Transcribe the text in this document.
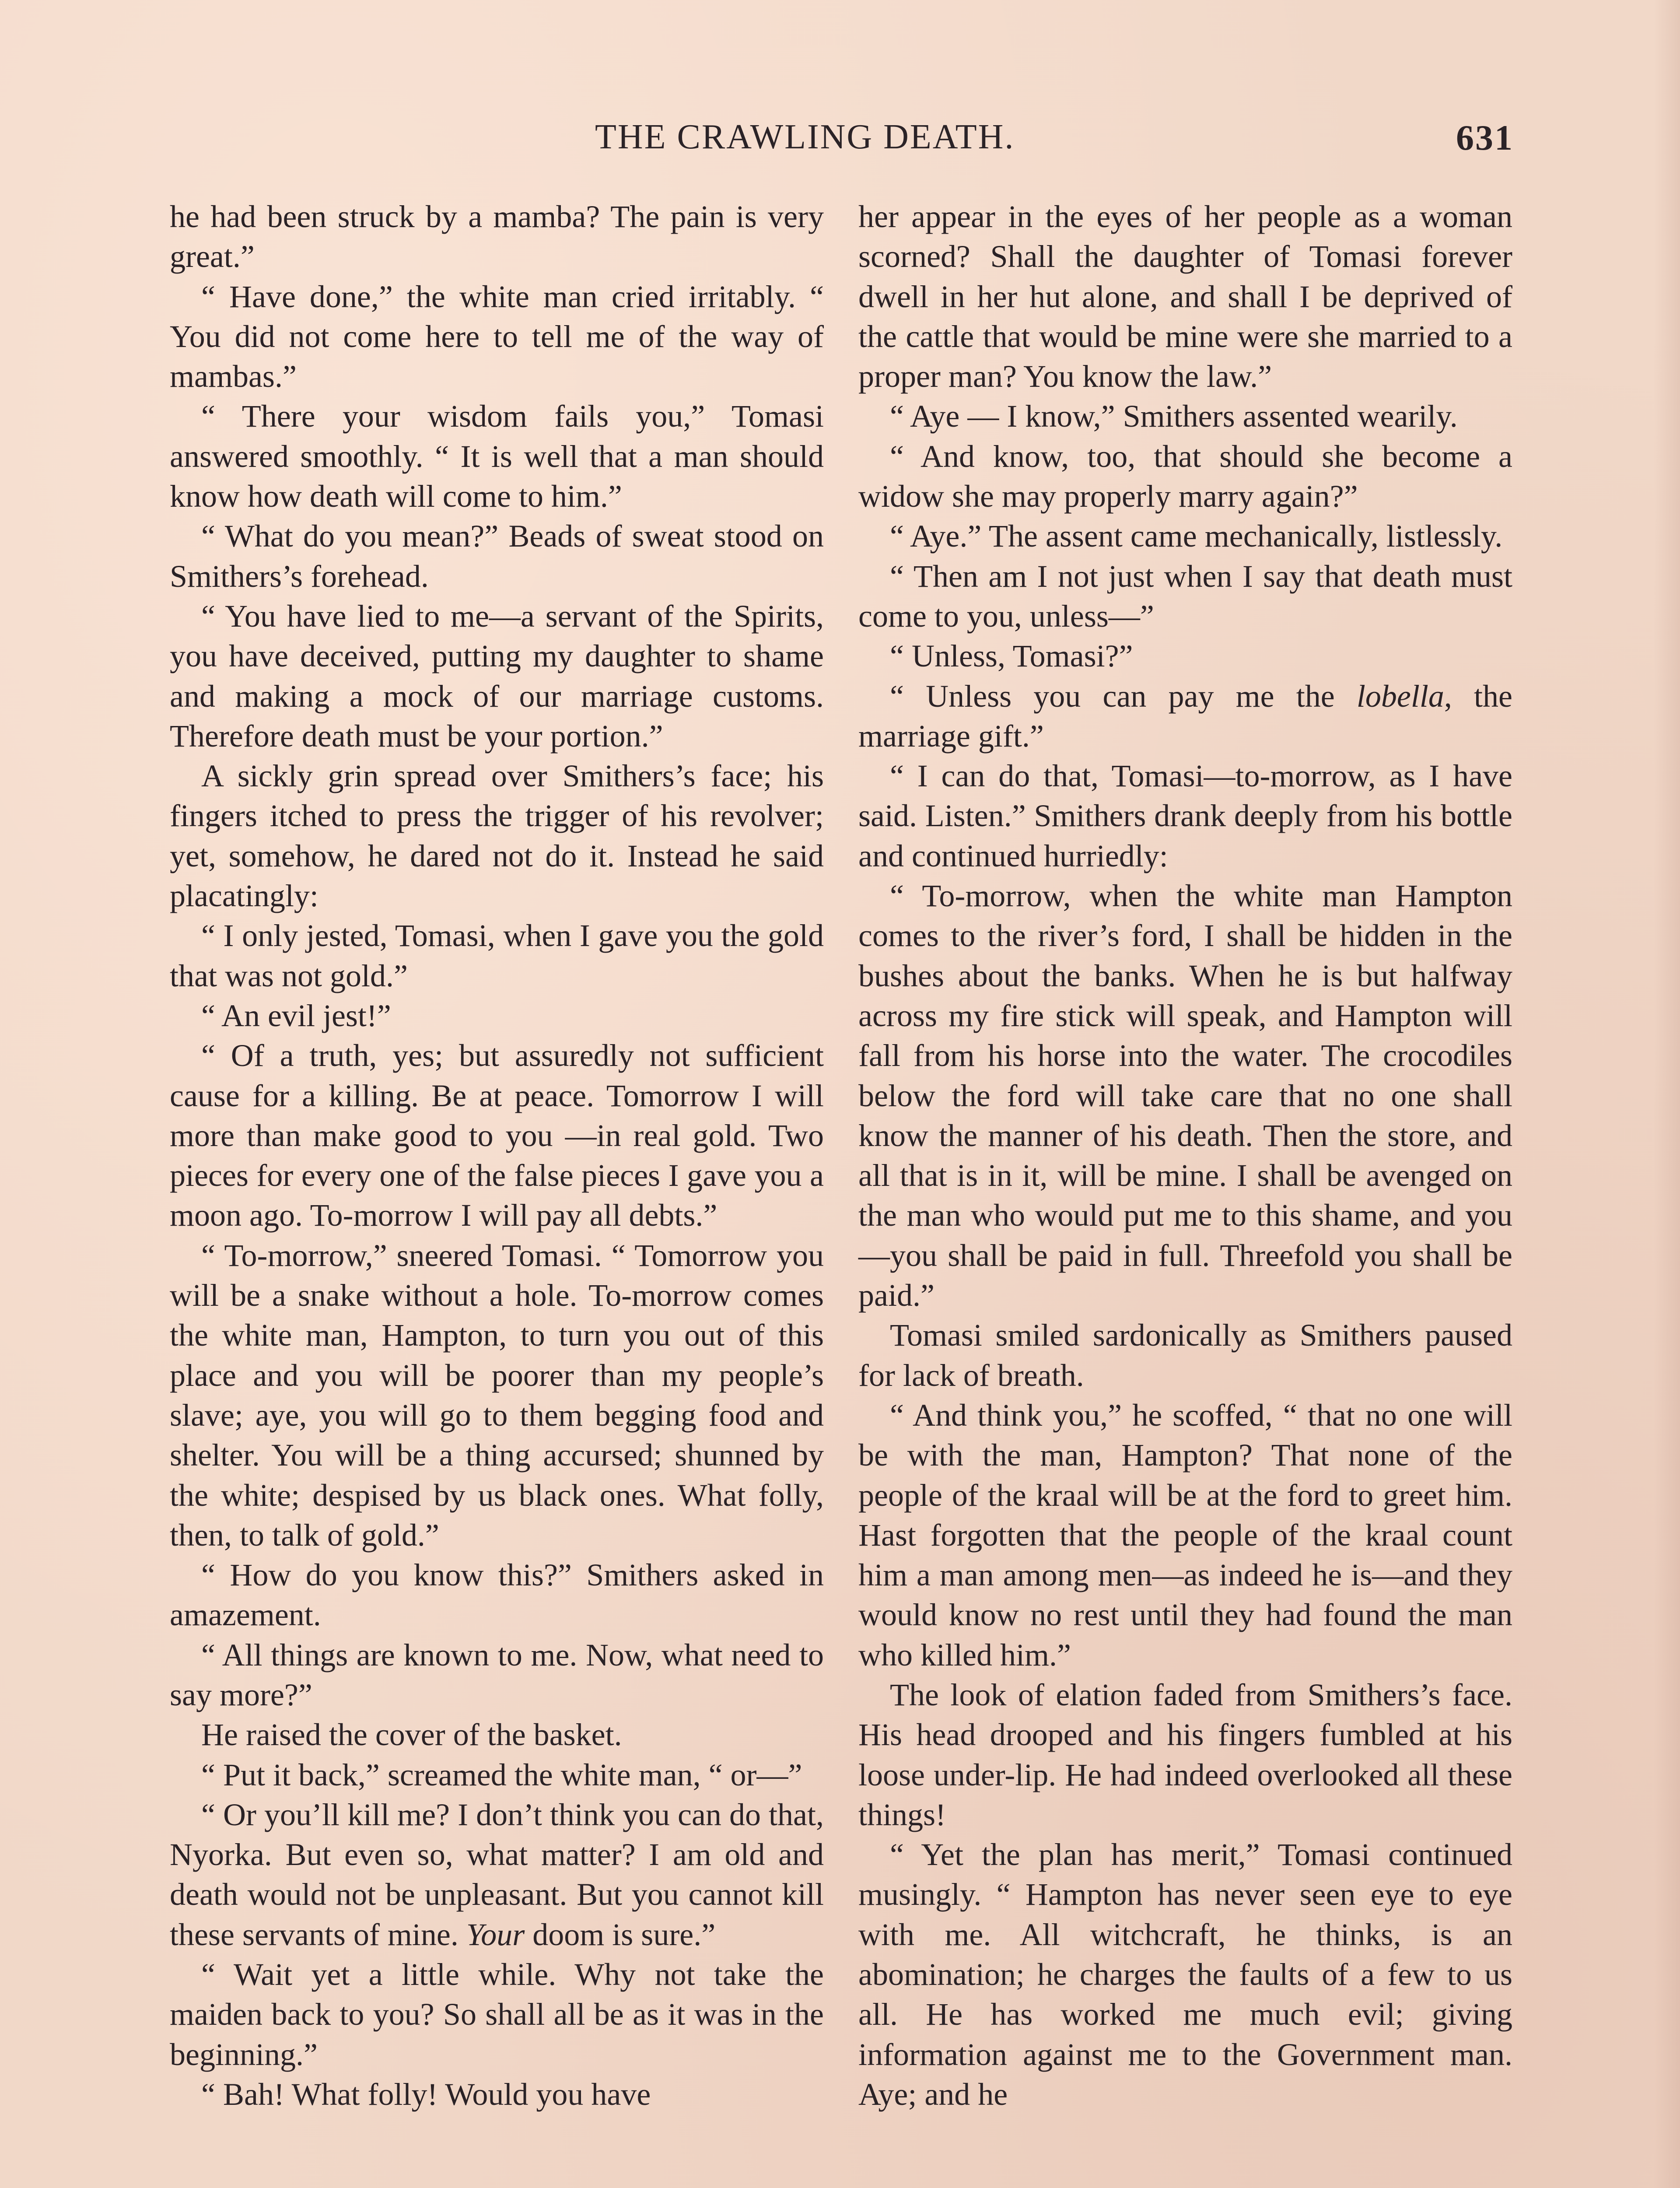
THE CRAWLING DEATH.	631

he had been struck by a mamba? The pain is very great.”

“ Have done,” the white man cried irritably. “ You did not come here to tell me of the way of mambas.”

“ There your wisdom fails you,” Tomasi answered smoothly. “ It is well that a man should know how death will come to him.”

“ What do you mean?” Beads of sweat stood on Smithers’s forehead.

“ You have lied to me—a servant of the Spirits, you have deceived, putting my daughter to shame and making a mock of our marriage customs. Therefore death must be your portion.”

A sickly grin spread over Smithers’s face; his fingers itched to press the trigger of his revolver; yet, somehow, he dared not do it. Instead he said placatingly:

“ I only jested, Tomasi, when I gave you the gold that was not gold.”

“ An evil jest!”

“ Of a truth, yes; but assuredly not sufficient cause for a killing. Be at peace. Tomorrow I will more than make good to you —in real gold. Two pieces for every one of the false pieces I gave you a moon ago. To-morrow I will pay all debts.”

“ To-morrow,” sneered Tomasi. “ Tomorrow you will be a snake without a hole. To-morrow comes the white man, Hampton, to turn you out of this place and you will be poorer than my people’s slave; aye, you will go to them begging food and shelter. You will be a thing accursed; shunned by the white; despised by us black ones. What folly, then, to talk of gold.”

“ How do you know this?” Smithers asked in amazement.

“ All things are known to me. Now, what need to say more?”

He raised the cover of the basket.

“ Put it back,” screamed the white man, “ or—”

“ Or you’ll kill me? I don’t think you can do that, Nyorka. But even so, what matter? I am old and death would not be unpleasant. But you cannot kill these servants of mine. Your doom is sure.”

“ Wait yet a little while. Why not take the maiden back to you? So shall all be as it was in the beginning.”

“ Bah! What folly! Would you have

her appear in the eyes of her people as a woman scorned? Shall the daughter of Tomasi forever dwell in her hut alone, and shall I be deprived of the cattle that would be mine were she married to a proper man? You know the law.”

“ Aye — I know,” Smithers assented wearily.

“ And know, too, that should she become a widow she may properly marry again?”

“ Aye.” The assent came mechanically, listlessly.

“ Then am I not just when I say that death must come to you, unless—”

“ Unless, Tomasi?”

“ Unless you can pay me the lobella, the marriage gift.”

“ I can do that, Tomasi—to-morrow, as I have said. Listen.” Smithers drank deeply from his bottle and continued hurriedly:

“ To-morrow, when the white man Hampton comes to the river’s ford, I shall be hidden in the bushes about the banks. When he is but halfway across my fire stick will speak, and Hampton will fall from his horse into the water. The crocodiles below the ford will take care that no one shall know the manner of his death. Then the store, and all that is in it, will be mine. I shall be avenged on the man who would put me to this shame, and you—you shall be paid in full. Threefold you shall be paid.”

Tomasi smiled sardonically as Smithers paused for lack of breath.

“ And think you,” he scoffed, “ that no one will be with the man, Hampton? That none of the people of the kraal will be at the ford to greet him. Hast forgotten that the people of the kraal count him a man among men—as indeed he is—and they would know no rest until they had found the man who killed him.”

The look of elation faded from Smithers’s face. His head drooped and his fingers fumbled at his loose under-lip. He had indeed overlooked all these things!

“ Yet the plan has merit,” Tomasi continued musingly. “ Hampton has never seen eye to eye with me. All witchcraft, he thinks, is an abomination; he charges the faults of a few to us all. He has worked me much evil; giving information against me to the Government man. Aye; and he
